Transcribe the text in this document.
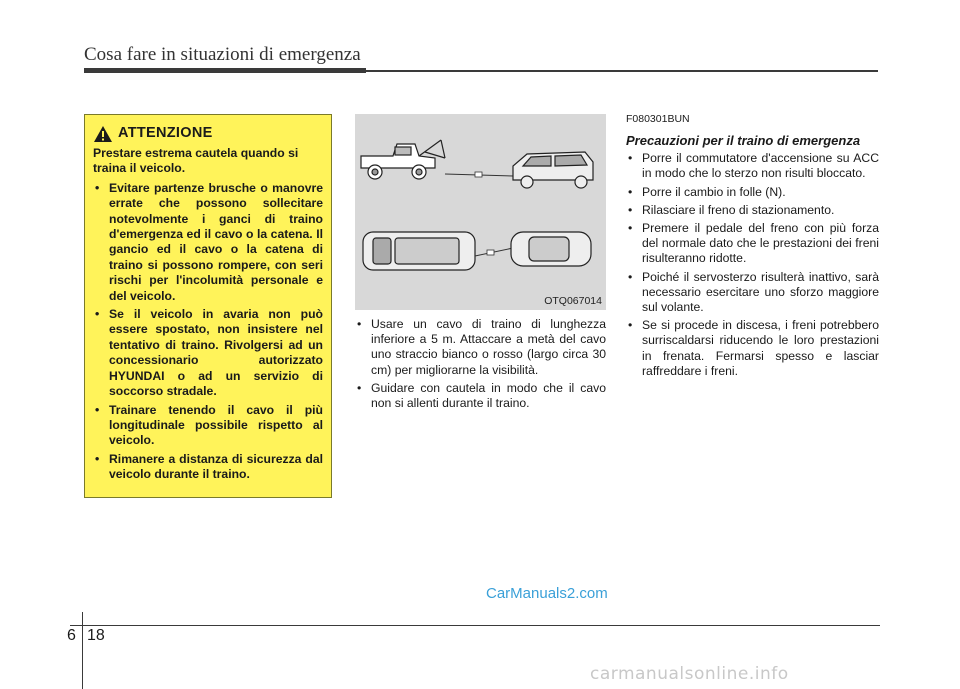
Cosa fare in situazioni di emergenza
ATTENZIONE

Prestare estrema cautela quando si traina il veicolo.

• Evitare partenze brusche o manovre errate che possono sollecitare notevolmente i ganci di traino d'emergenza ed il cavo o la catena. Il gancio ed il cavo o la catena di traino si possono rompere, con seri rischi per l'incolumità personale e del veicolo.
• Se il veicolo in avaria non può essere spostato, non insistere nel tentativo di traino. Rivolgersi ad un concessionario autorizzato HYUNDAI o ad un servizio di soccorso stradale.
• Trainare tenendo il cavo il più longitudinale possibile rispetto al veicolo.
• Rimanere a distanza di sicurezza dal veicolo durante il traino.
OTQ067014
• Usare un cavo di traino di lunghezza inferiore a 5 m. Attaccare a metà del cavo uno straccio bianco o rosso (largo circa 30 cm) per migliorarne la visibilità.
• Guidare con cautela in modo che il cavo non si allenti durante il traino.
F080301BUN
Precauzioni per il traino di emergenza
• Porre il commutatore d'accensione su ACC in modo che lo sterzo non risulti bloccato.
• Porre il cambio in folle (N).
• Rilasciare il freno di stazionamento.
• Premere il pedale del freno con più forza del normale dato che le prestazioni dei freni risulteranno ridotte.
• Poiché il servosterzo risulterà inattivo, sarà necessario esercitare uno sforzo maggiore sul volante.
• Se si procede in discesa, i freni potrebbero surriscaldarsi riducendo le loro prestazioni in frenata. Fermarsi spesso e lasciar raffreddare i freni.
CarManuals2.com
6 18
carmanualsonline.info
